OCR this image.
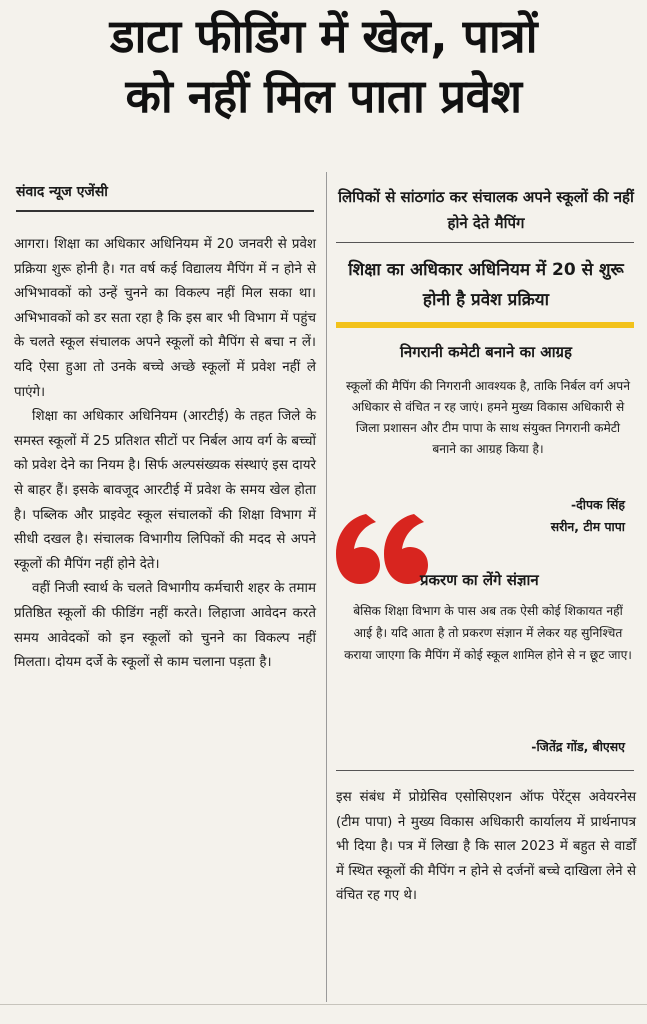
डाटा फीडिंग में खेल, पात्रों
को नहीं मिल पाता प्रवेश
संवाद न्यूज एजेंसी

आगरा। शिक्षा का अधिकार अधिनियम में 20 जनवरी से प्रवेश प्रक्रिया शुरू होनी है। गत वर्ष कई विद्यालय मैपिंग में न होने से अभिभावकों को उन्हें चुनने का विकल्प नहीं मिल सका था। अभिभावकों को डर सता रहा है कि इस बार भी विभाग में पहुंच के चलते स्कूल संचालक अपने स्कूलों को मैपिंग से बचा न लें।यदि ऐसा हुआ तो उनके बच्चे अच्छे स्कूलों में प्रवेश नहीं ले पाएंगे।

शिक्षा का अधिकार अधिनियम (आरटीई) के तहत जिले के समस्त स्कूलों में 25 प्रतिशत सीटों पर निर्बल आय वर्ग के बच्चों को प्रवेश देने का नियम है। सिर्फ अल्पसंख्यक संस्थाएं इस दायरे से बाहर हैं। इसके बावजूद आरटीई में प्रवेश के समय खेल होता है। पब्लिक और प्राइवेट स्कूल संचालकों की शिक्षा विभाग में सीधी दखल है। संचालक विभागीय लिपिकों की मदद से अपने स्कूलों की मैपिंग नहीं होने देते।

वहीं निजी स्वार्थ के चलते विभागीय कर्मचारी शहर के तमाम प्रतिष्ठित स्कूलों की फीडिंग नहीं करते। लिहाजा आवेदन करते समय आवेदकों को इन स्कूलों को चुनने का विकल्प नहीं मिलता। दोयम दर्जे के स्कूलों से काम चलाना पड़ता है।

लिपिकों से सांठगांठ कर संचालक अपने स्कूलों की नहीं होने देते मैपिंग
शिक्षा का अधिकार अधिनियम में 20 से शुरू होनी है प्रवेश प्रक्रिया
निगरानी कमेटी बनाने का आग्रह
स्कूलों की मैपिंग की निगरानी आवश्यक है, ताकि निर्बल वर्ग अपने अधिकार से वंचित न रह जाएं। हमने मुख्य विकास अधिकारी से जिला प्रशासन और टीम पापा के साथ संयुक्त निगरानी कमेटी बनाने का आग्रह किया है।
-दीपक सिंह
सरीन, टीम पापा
प्रकरण का लेंगे संज्ञान
बेसिक शिक्षा विभाग के पास अब तक ऐसी कोई शिकायत नहीं आई है। यदि आता है तो प्रकरण संज्ञान में लेकर यह सुनिश्चित कराया जाएगा कि मैपिंग में कोई स्कूल शामिल होने से न छूट जाए।
-जितेंद्र गोंड, बीएसए

इस संबंध में प्रोग्रेसिव एसोसिएशन ऑफ पेरेंट्स अवेयरनेस (टीम पापा) ने मुख्य विकास अधिकारी कार्यालय में प्रार्थनापत्र भी दिया है। पत्र में लिखा है कि साल 2023 में बहुत से वार्डों में स्थित स्कूलों की मैपिंग न होने से दर्जनों बच्चे दाखिला लेने से वंचित रह गए थे।
